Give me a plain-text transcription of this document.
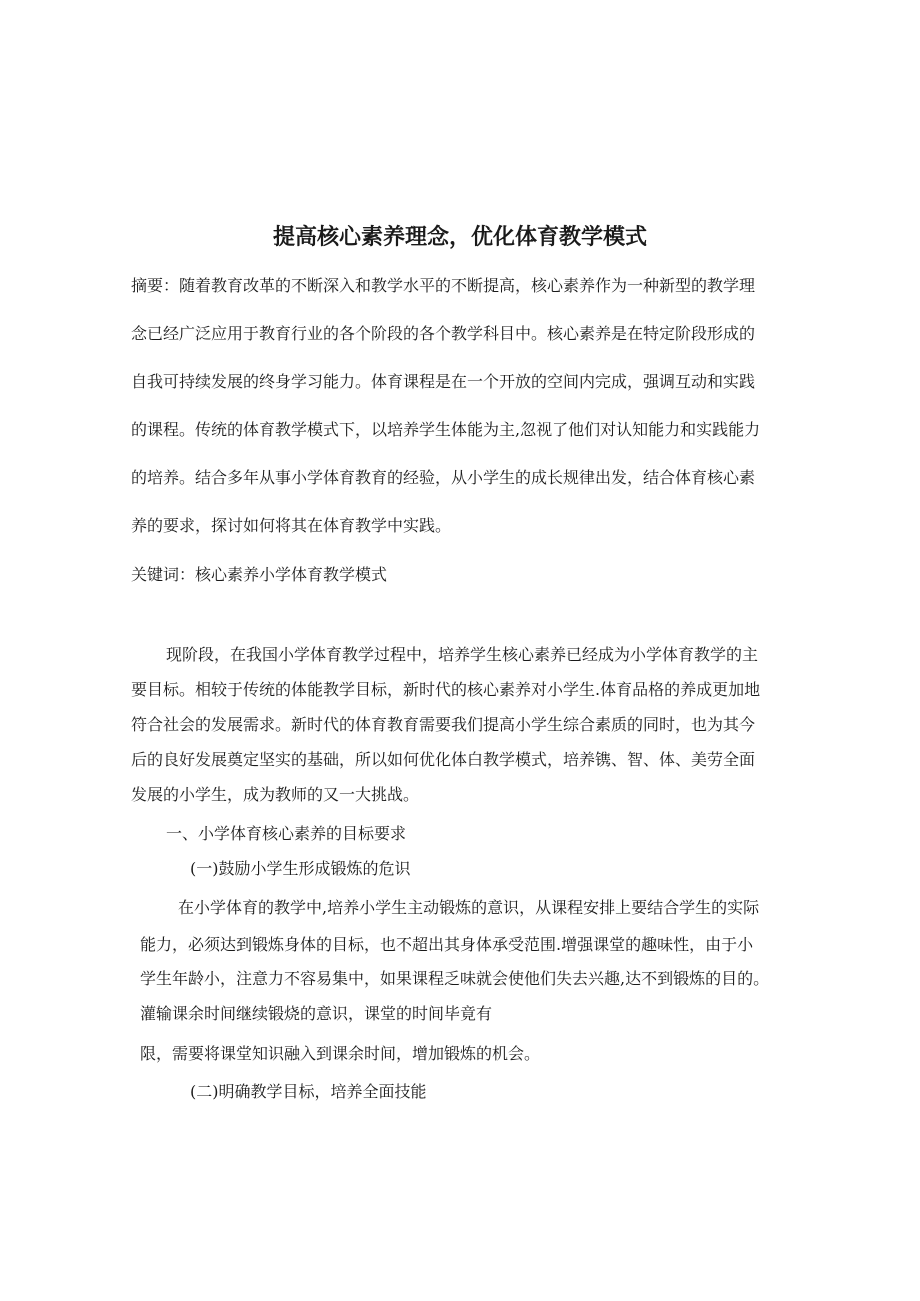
提高核心素养理念，优化体育教学模式
摘要：随着教育改革的不断深入和教学水平的不断提高，核心素养作为一种新型的教学理
念已经广泛应用于教育行业的各个阶段的各个教学科目中。核心素养是在特定阶段形成的
自我可持续发展的终身学习能力。体育课程是在一个开放的空间内完成，强调互动和实践
的课程。传统的体育教学模式下，以培养学生体能为主,忽视了他们对认知能力和实践能力
的培养。结合多年从事小学体育教育的经验，从小学生的成长规律出发，结合体育核心素
养的要求，探讨如何将其在体育教学中实践。
关键词：核心素养小学体育教学模式
现阶段，在我国小学体育教学过程中，培养学生核心素养已经成为小学体育教学的主
要目标。相较于传统的体能教学目标，新时代的核心素养对小学生.体育品格的养成更加地
符合社会的发展需求。新时代的体育教育需要我们提高小学生综合素质的同时，也为其今
后的良好发展奠定坚实的基础，所以如何优化体白教学模式，培养镌、智、体、美劳全面
发展的小学生，成为教师的又一大挑战。
一、小学体育核心素养的目标要求
(一)鼓励小学生形成锻炼的危识
在小学体育的教学中,培养小学生主动锻炼的意识，从课程安排上要结合学生的实际
能力，必须达到锻炼身体的目标，也不超出其身体承受范围.增强课堂的趣味性，由于小
学生年龄小，注意力不容易集中，如果课程乏味就会使他们失去兴趣,达不到锻炼的目的。
灌输课余时间继续锻烧的意识，课堂的时间毕竟有
限，需要将课堂知识融入到课余时间，增加锻炼的机会。
(二)明确教学目标，培养全面技能
